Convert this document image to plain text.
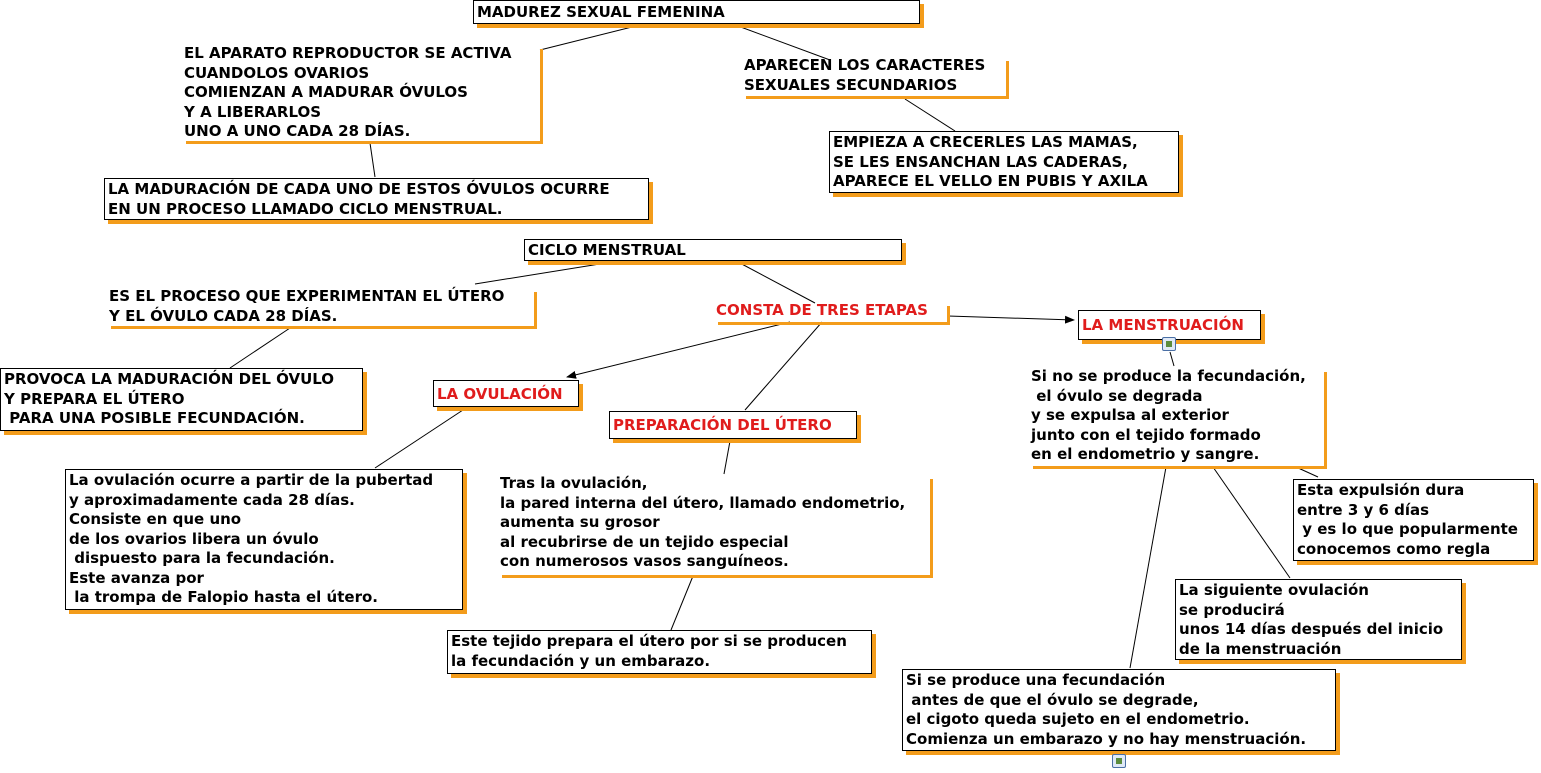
MADUREZ SEXUAL FEMENINA
EL APARATO REPRODUCTOR SE ACTIVA
CUANDOLOS OVARIOS
COMIENZAN A MADURAR ÓVULOS
Y A LIBERARLOS
UNO A UNO CADA 28 DÍAS.
APARECEN LOS CARACTERES
SEXUALES SECUNDARIOS
EMPIEZA A CRECERLES LAS MAMAS,
SE LES ENSANCHAN LAS CADERAS,
APARECE EL VELLO EN PUBIS Y AXILA
LA MADURACIÓN DE CADA UNO DE ESTOS ÓVULOS OCURRE
EN UN PROCESO LLAMADO CICLO MENSTRUAL.
CICLO MENSTRUAL
ES EL PROCESO QUE EXPERIMENTAN EL ÚTERO
Y EL ÓVULO CADA 28 DÍAS.	CONSTA DE TRES ETAPAS
LA MENSTRUACIÓN
PROVOCA LA MADURACIÓN DEL ÓVULO
Y PREPARA EL ÚTERO
PARA UNA POSIBLE FECUNDACIÓN.
LA OVULACIÓN
PREPARACIÓN DEL ÚTERO
La ovulación ocurre a partir de la pubertad
y aproximadamente cada 28 días.
Consiste en que uno
de los ovarios libera un óvulo
dispuesto para la fecundación.
Este avanza por
la trompa de Falopio hasta el útero.
Tras la ovulación,
la pared interna del útero, llamado endometrio,
aumenta su grosor
al recubrirse de un tejido especial
con numerosos vasos sanguíneos.
Este tejido prepara el útero por si se producen
la fecundación y un embarazo.
Si no se produce la fecundación,
el óvulo se degrada
y se expulsa al exterior
junto con el tejido formado
en el endometrio y sangre.
Esta expulsión dura
entre 3 y 6 días
y es lo que popularmente
conocemos como regla
La siguiente ovulación
se producirá
unos 14 días después del inicio
de la menstruación
Si se produce una fecundación
antes de que el óvulo se degrade,
el cigoto queda sujeto en el endometrio.
Comienza un embarazo y no hay menstruación.
